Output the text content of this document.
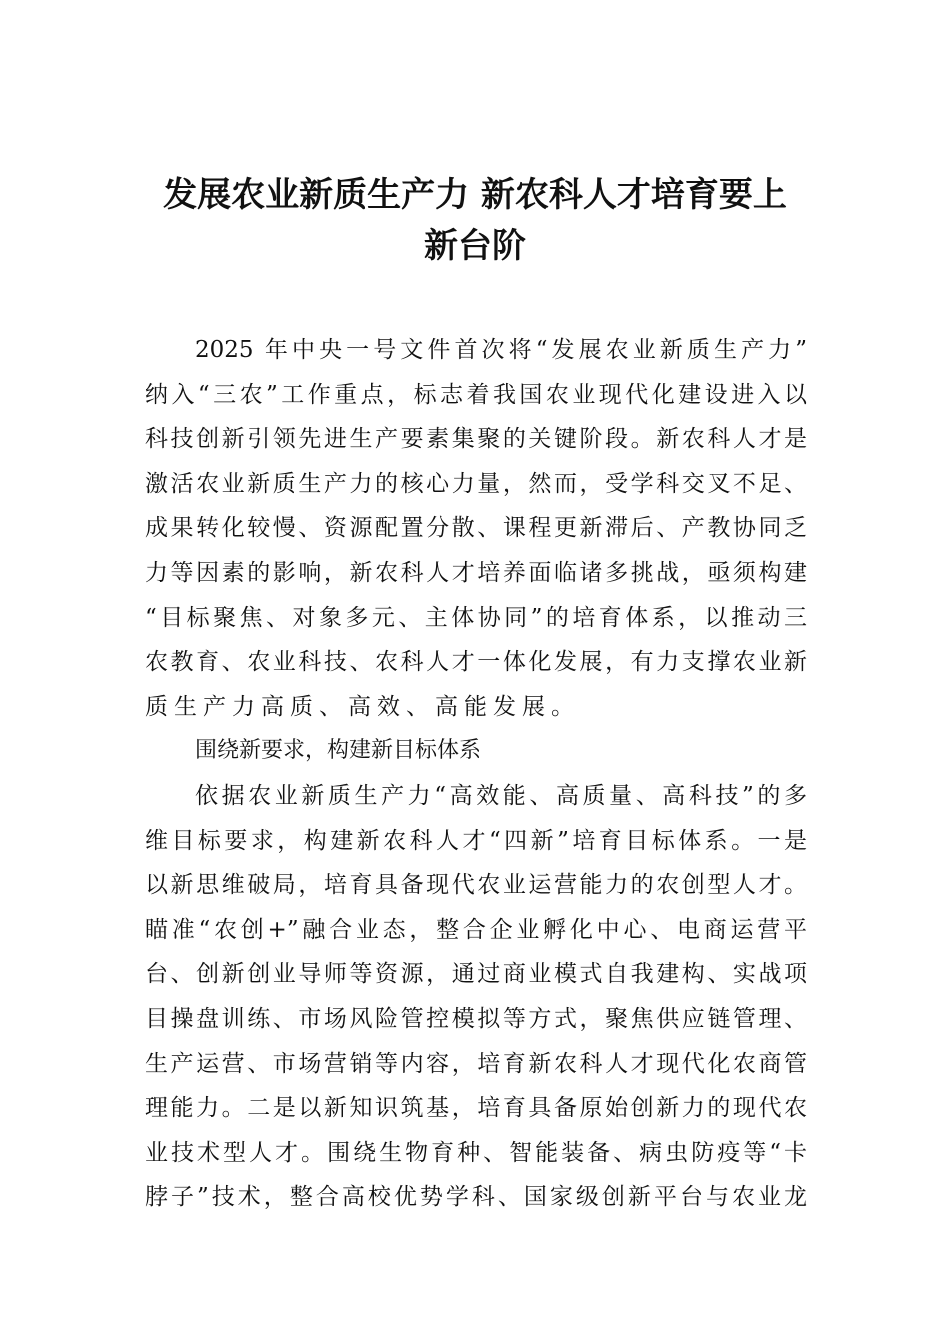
发展农业新质生产力 新农科人才培育要上
新台阶
2025 年中央一号文件首次将“发展农业新质生产力”
纳入“三农”工作重点，标志着我国农业现代化建设进入以
科技创新引领先进生产要素集聚的关键阶段。新农科人才是
激活农业新质生产力的核心力量，然而，受学科交叉不足、
成果转化较慢、资源配置分散、课程更新滞后、产教协同乏
力等因素的影响，新农科人才培养面临诸多挑战，亟须构建
“目标聚焦、对象多元、主体协同”的培育体系，以推动三
农教育、农业科技、农科人才一体化发展，有力支撑农业新
质生产力高质、高效、高能发展。
围绕新要求，构建新目标体系
依据农业新质生产力“高效能、高质量、高科技”的多
维目标要求，构建新农科人才“四新”培育目标体系。一是
以新思维破局，培育具备现代农业运营能力的农创型人才。
瞄准“农创+”融合业态，整合企业孵化中心、电商运营平
台、创新创业导师等资源，通过商业模式自我建构、实战项
目操盘训练、市场风险管控模拟等方式，聚焦供应链管理、
生产运营、市场营销等内容，培育新农科人才现代化农商管
理能力。二是以新知识筑基，培育具备原始创新力的现代农
业技术型人才。围绕生物育种、智能装备、病虫防疫等“卡
脖子”技术，整合高校优势学科、国家级创新平台与农业龙
